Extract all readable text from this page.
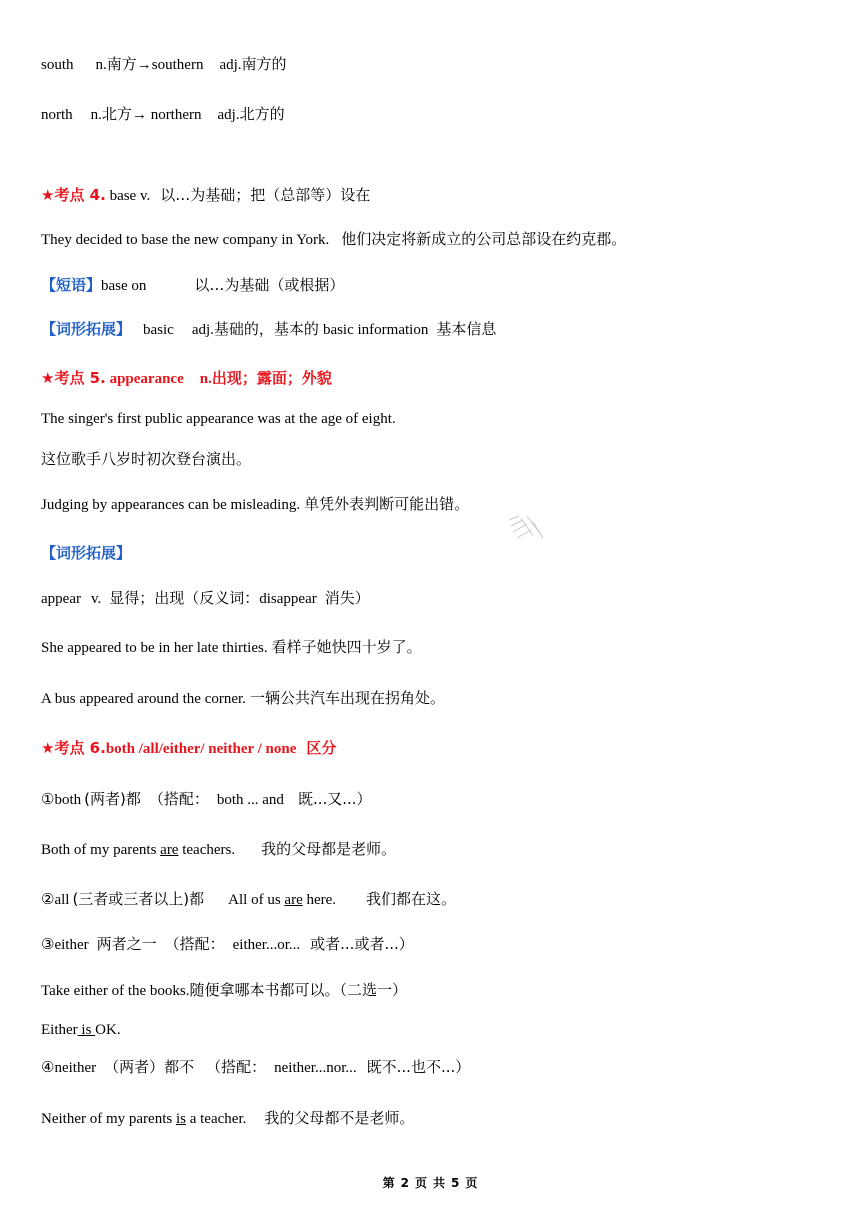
south n.南方→southern adj.南方的
north n.北方→ northern adj.北方的
★考点 4. base v. 以…为基础；把（总部等）设在
They decided to base the new company in York. 他们决定将新成立的公司总部设在约克郡。
【短语】base on	以…为基础（或根据）
【词形拓展】 basic adj.基础的，基本的 basic information 基本信息
★考点 5. appearance n.出现；露面；外貌
The singer's first public appearance was at the age of eight.
这位歌手八岁时初次登台演出。
Judging by appearances can be misleading. 单凭外表判断可能出错。
【词形拓展】
appear v. 显得；出现（反义词：disappear 消失）
She appeared to be in her late thirties. 看样子她快四十岁了。
A bus appeared around the corner. 一辆公共汽车出现在拐角处。
★考点 6.both /all/either/ neither / none 区分
①both (两者)都 （搭配： both ... and 既...又...）
Both of my parents are teachers. 我的父母都是老师。
②all (三者或三者以上)都 All of us are here. 我们都在这。
③either 两者之一 （搭配： either...or... 或者...或者...）
Take either of the books.随便拿哪本书都可以。（二选一）
Either is OK.
④neither （两者）都不 （搭配： neither...nor... 既不...也不...）
Neither of my parents is a teacher. 我的父母都不是老师。
第 2 页 共 5 页
